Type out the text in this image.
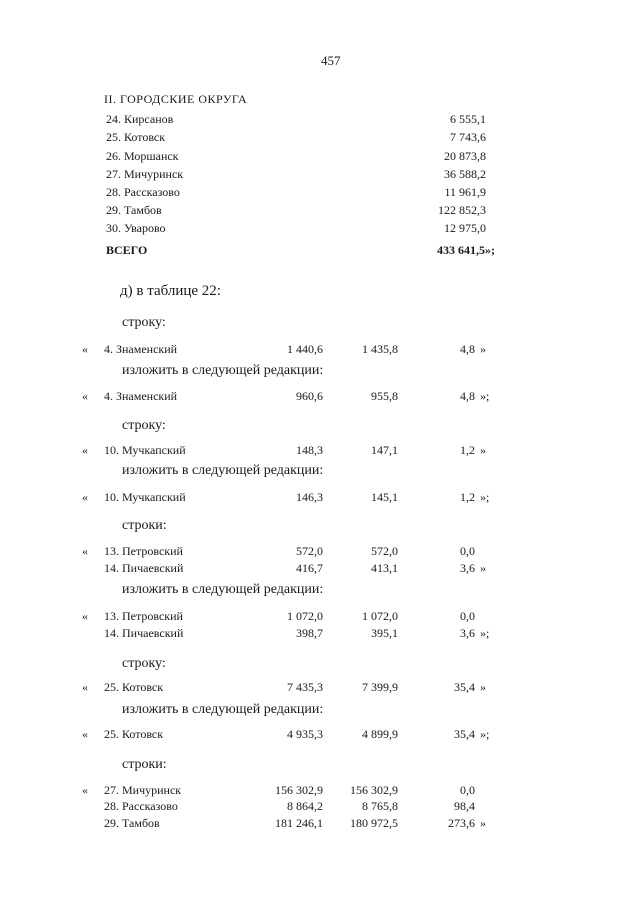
457
II. ГОРОДСКИЕ ОКРУГА
24. Кирсанов	6 555,1
25. Котовск	7 743,6
26. Моршанск	20 873,8
27. Мичуринск	36 588,2
28. Рассказово	11 961,9
29. Тамбов	122 852,3
30. Уварово	12 975,0
ВСЕГО	433 641,5»;
д) в таблице 22:
строку:
« 4. Знаменский	1 440,6	1 435,8	4,8 »
изложить в следующей редакции:
« 4. Знаменский	960,6	955,8	4,8 »;
строку:
« 10. Мучкапский	148,3	147,1	1,2 »
изложить в следующей редакции:
« 10. Мучкапский	146,3	145,1	1,2 »;
строки:
« 13. Петровский	572,0	572,0	0,0
14. Пичаевский	416,7	413,1	3,6 »
изложить в следующей редакции:
« 13. Петровский	1 072,0	1 072,0	0,0
14. Пичаевский	398,7	395,1	3,6 »;
строку:
« 25. Котовск	7 435,3	7 399,9	35,4 »
изложить в следующей редакции:
« 25. Котовск	4 935,3	4 899,9	35,4 »;
строки:
« 27. Мичуринск	156 302,9	156 302,9	0,0
28. Рассказово	8 864,2	8 765,8	98,4
29. Тамбов	181 246,1	180 972,5	273,6 »
